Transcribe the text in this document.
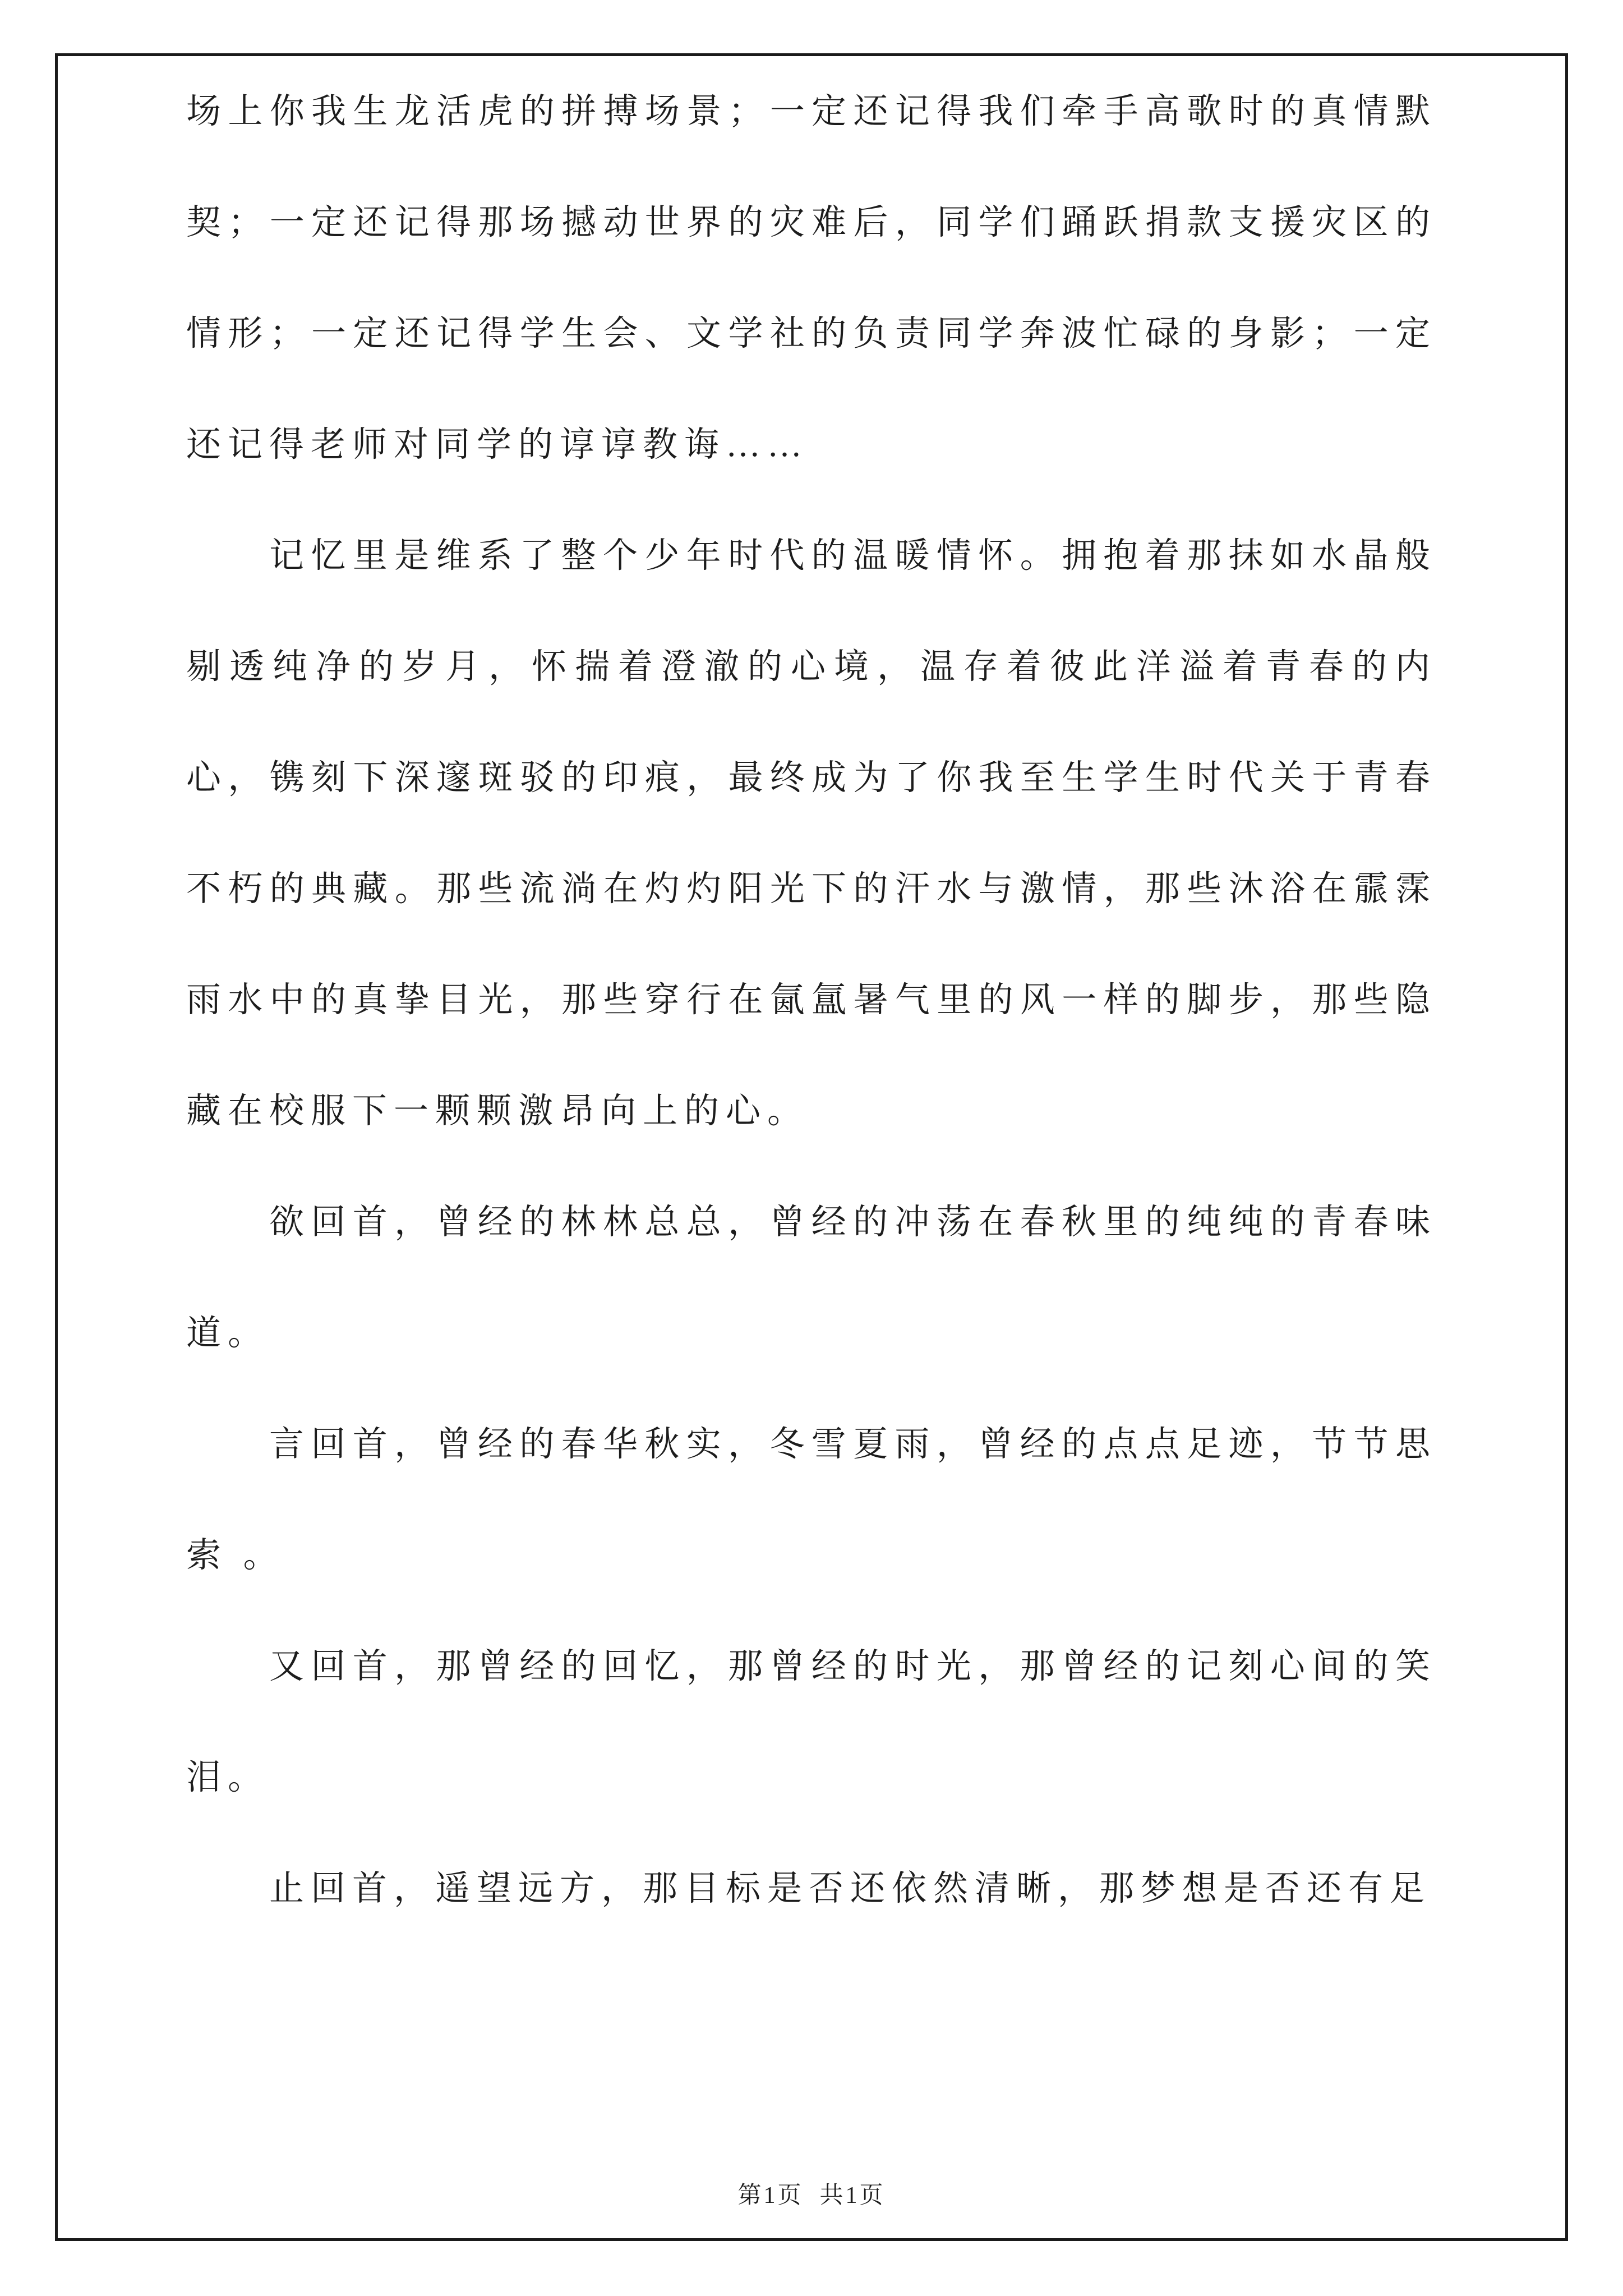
场上你我生龙活虎的拼搏场景；一定还记得我们牵手高歌时的真情默契；一定还记得那场撼动世界的灾难后，同学们踊跃捐款支援灾区的情形；一定还记得学生会、文学社的负责同学奔波忙碌的身影；一定还记得老师对同学的谆谆教诲……

记忆里是维系了整个少年时代的温暖情怀。拥抱着那抹如水晶般剔透纯净的岁月，怀揣着澄澈的心境，温存着彼此洋溢着青春的内心，镌刻下深邃斑驳的印痕，最终成为了你我至生学生时代关于青春不朽的典藏。那些流淌在灼灼阳光下的汗水与激情，那些沐浴在霢霂雨水中的真挚目光，那些穿行在氤氲暑气里的风一样的脚步，那些隐藏在校服下一颗颗激昂向上的心。

欲回首，曾经的林林总总，曾经的冲荡在春秋里的纯纯的青春味道。

言回首，曾经的春华秋实，冬雪夏雨，曾经的点点足迹，节节思索 。

又回首，那曾经的回忆，那曾经的时光，那曾经的记刻心间的笑泪。

止回首，遥望远方，那目标是否还依然清晰，那梦想是否还有足

第1页  共1页
